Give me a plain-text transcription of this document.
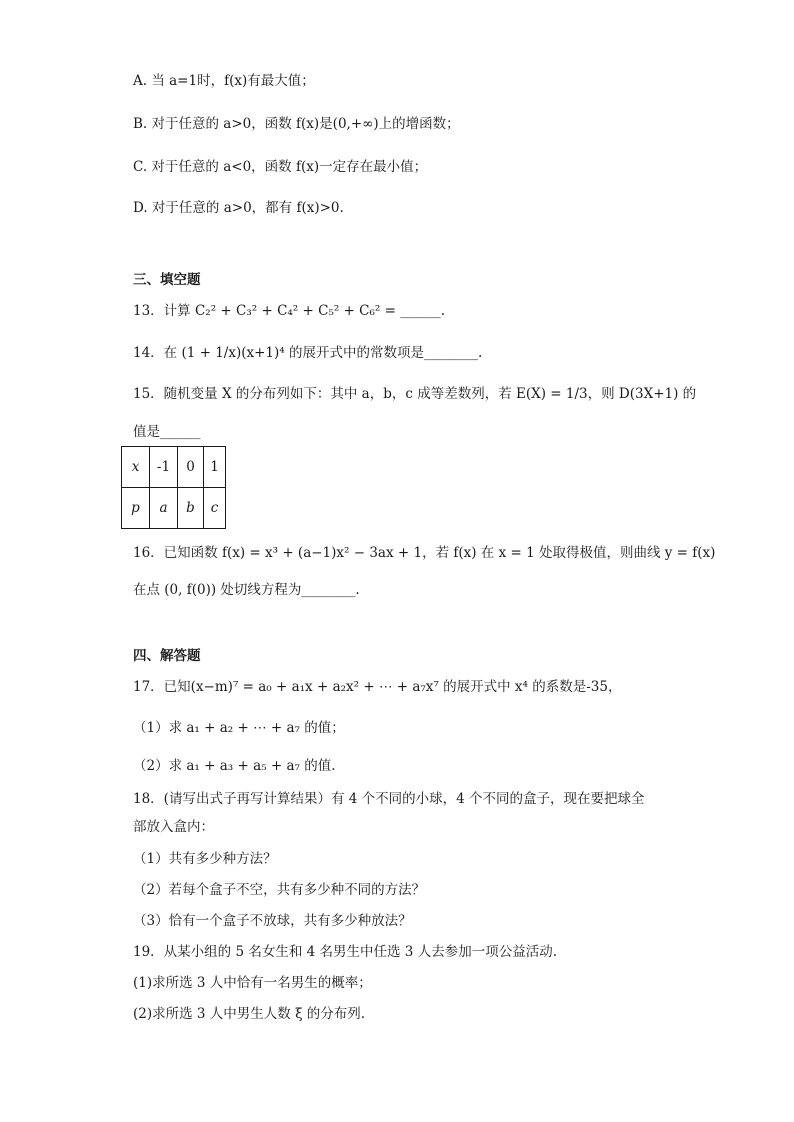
A. 当 a=1时，f(x)有最大值；
B. 对于任意的 a>0，函数 f(x)是(0,+∞)上的增函数；
C. 对于任意的 a<0，函数 f(x)一定存在最小值；
D. 对于任意的 a>0，都有 f(x)>0.
三、填空题
13．计算 C₂² + C₃² + C₄² + C₅² + C₆² = ______.
14．在 (1 + 1/x)(x+1)⁴ 的展开式中的常数项是________.
15．随机变量 X 的分布列如下：其中 a，b，c 成等差数列，若 E(X) = 1/3，则 D(3X+1) 的
值是______
x	-1	0	1
p	a	b	c
16．已知函数 f(x) = x³ + (a−1)x² − 3ax + 1，若 f(x) 在 x = 1 处取得极值，则曲线 y = f(x)
在点 (0, f(0)) 处切线方程为________.
四、解答题
17．已知(x−m)⁷ = a₀ + a₁x + a₂x² + ⋯ + a₇x⁷ 的展开式中 x⁴ 的系数是-35，
（1）求 a₁ + a₂ + ⋯ + a₇ 的值；
（2）求 a₁ + a₃ + a₅ + a₇ 的值.
18．(请写出式子再写计算结果）有 4 个不同的小球，4 个不同的盒子，现在要把球全
部放入盒内：
（1）共有多少种方法？
（2）若每个盒子不空，共有多少种不同的方法？
（3）恰有一个盒子不放球，共有多少种放法？
19．从某小组的 5 名女生和 4 名男生中任选 3 人去参加一项公益活动.
(1)求所选 3 人中恰有一名男生的概率；
(2)求所选 3 人中男生人数 ξ 的分布列.
